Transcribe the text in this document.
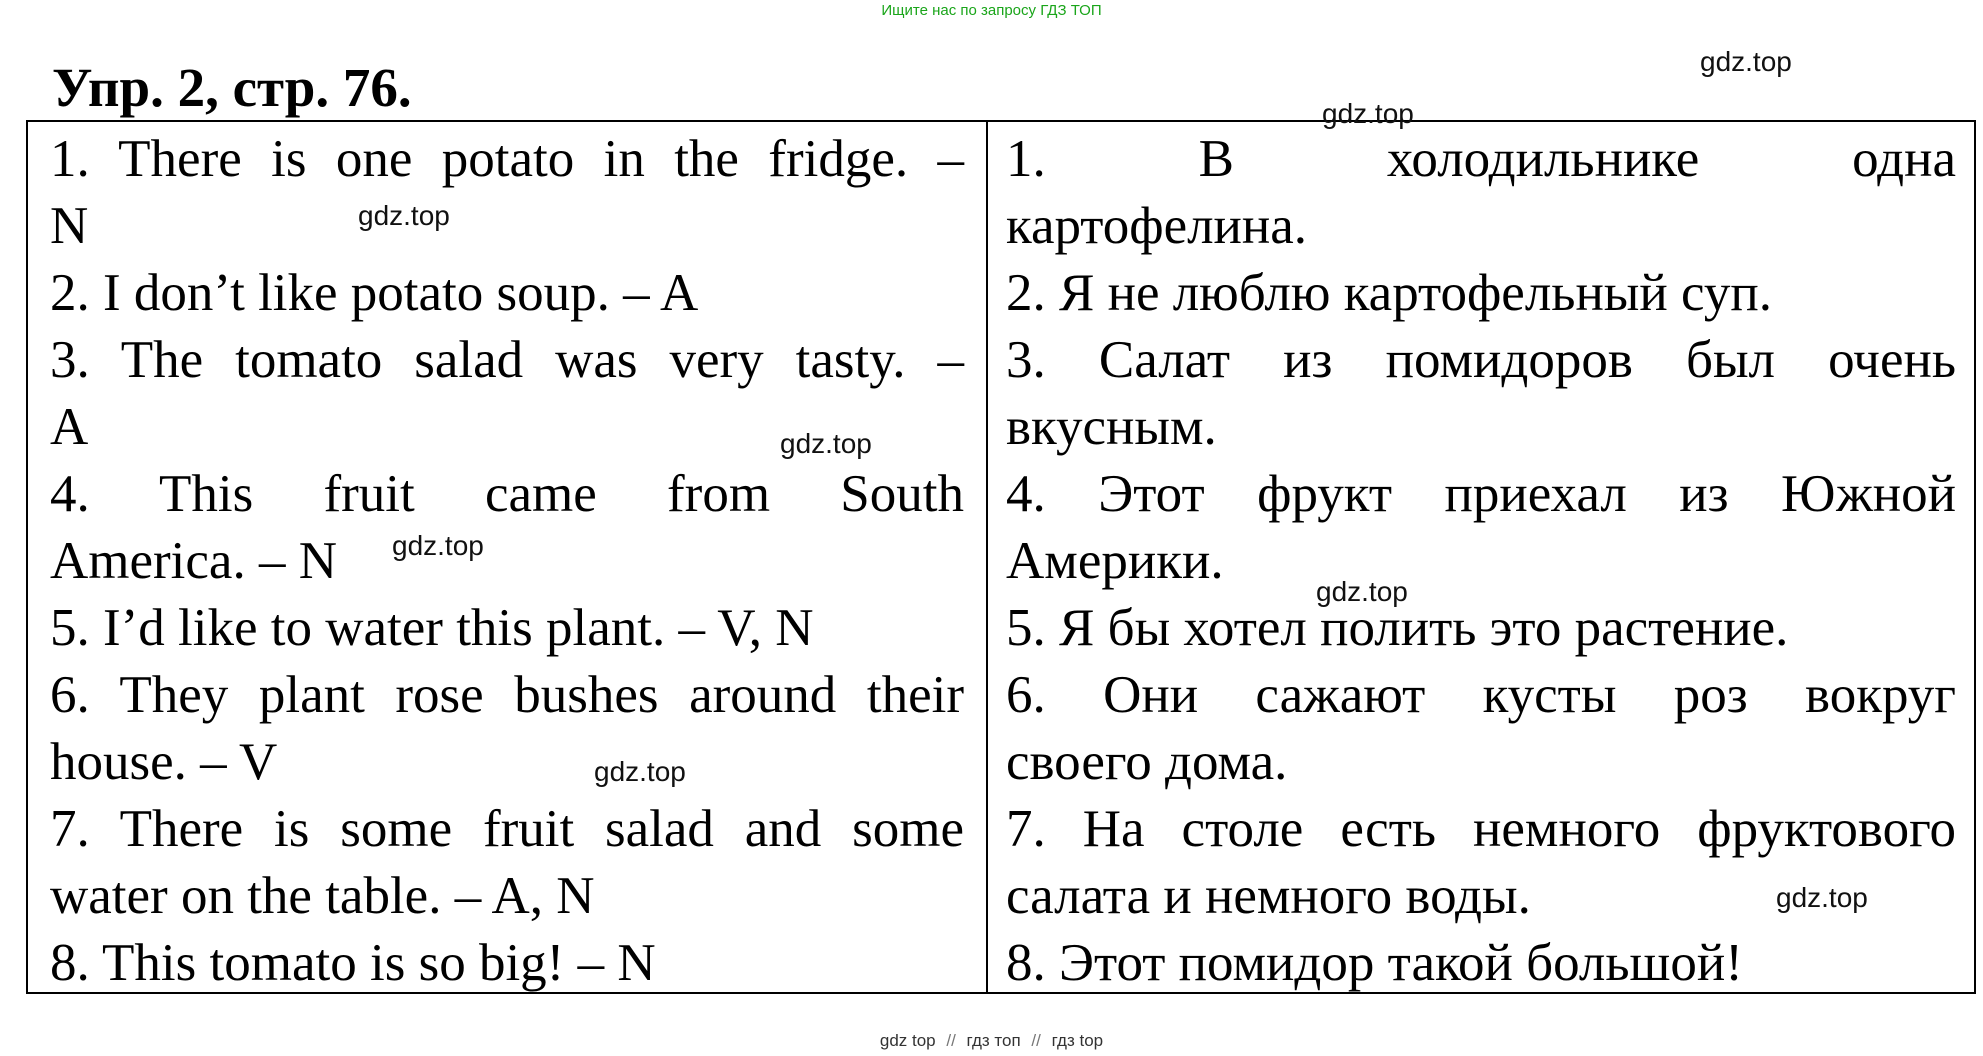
Ищите нас по запросу ГДЗ ТОП
Упр. 2, стр. 76.
1. There is one potato in the fridge. –
N
2. I don’t like potato soup. – A
3. The tomato salad was very tasty. –
A
4. This fruit came from South
America. – N
5. I’d like to water this plant. – V, N
6. They plant rose bushes around their
house. – V
7. There is some fruit salad and some
water on the table. – A, N
8. This tomato is so big! – N
1. В холодильнике одна
картофелина.
2. Я не люблю картофельный суп.
3. Салат из помидоров был очень
вкусным.
4. Этот фрукт приехал из Южной
Америки.
5. Я бы хотел полить это растение.
6. Они сажают кусты роз вокруг
своего дома.
7. На столе есть немного фруктового
салата и немного воды.
8. Этот помидор такой большой!
gdz.top
gdz.top
gdz.top
gdz.top
gdz.top
gdz.top
gdz.top
gdz.top
gdz top // гдз топ // гдз top
